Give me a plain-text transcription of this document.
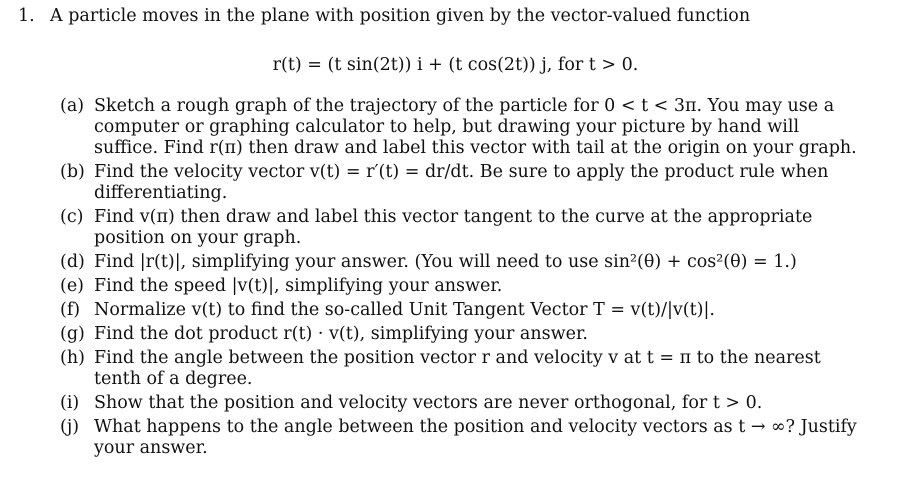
1. A particle moves in the plane with position given by the vector-valued function
r(t) = (t sin(2t)) i + (t cos(2t)) j, for t > 0.
(a) Sketch a rough graph of the trajectory of the particle for 0 < t < 3π. You may use a computer or graphing calculator to help, but drawing your picture by hand will suffice. Find r(π) then draw and label this vector with tail at the origin on your graph.
(b) Find the velocity vector v(t) = r′(t) = dr/dt. Be sure to apply the product rule when differentiating.
(c) Find v(π) then draw and label this vector tangent to the curve at the appropriate position on your graph.
(d) Find |r(t)|, simplifying your answer. (You will need to use sin²(θ) + cos²(θ) = 1.)
(e) Find the speed |v(t)|, simplifying your answer.
(f) Normalize v(t) to find the so-called Unit Tangent Vector T = v(t)/|v(t)|.
(g) Find the dot product r(t) · v(t), simplifying your answer.
(h) Find the angle between the position vector r and velocity v at t = π to the nearest tenth of a degree.
(i) Show that the position and velocity vectors are never orthogonal, for t > 0.
(j) What happens to the angle between the position and velocity vectors as t → ∞? Justify your answer.
